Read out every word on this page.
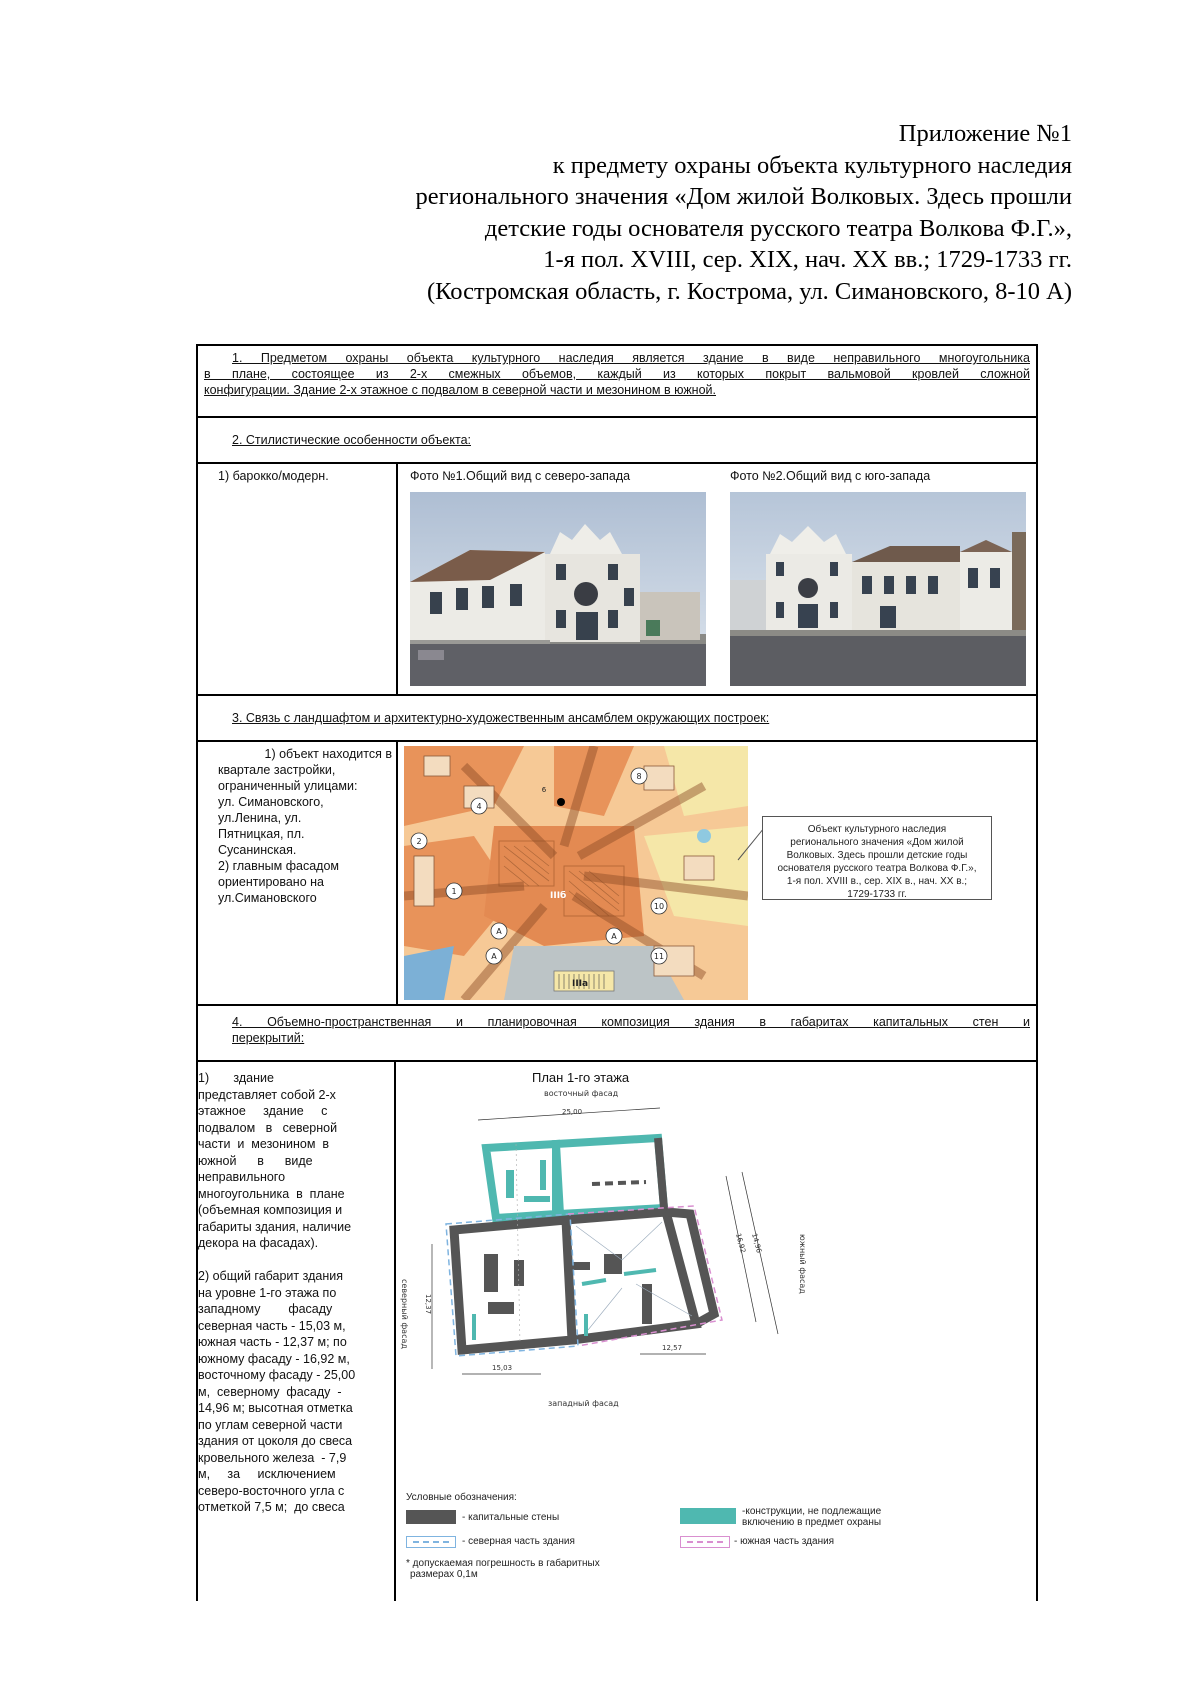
Приложение №1
к предмету охраны объекта культурного наследия
регионального значения «Дом жилой Волковых. Здесь прошли
детские годы основателя русского театра Волкова Ф.Г.»,
1-я пол. XVIII, сер. XIX, нач. XX вв.; 1729-1733 гг.
(Костромская область, г. Кострома, ул. Симановского, 8-10 А)
1. Предметом охраны объекта культурного наследия является здание в виде неправильного многоугольника
в плане, состоящее из 2-х смежных объемов, каждый из которых покрыт вальмовой кровлей сложной
конфигурации. Здание 2-х этажное с подвалом в северной части и мезонином в южной.
2. Стилистические особенности объекта:
1) барокко/модерн.	Фото №1.Общий вид с северо-запада	Фото №2.Общий вид с юго-запада
3. Связь с ландшафтом и архитектурно-художественным ансамблем окружающих построек:
1) объект находится в
квартале застройки,
ограниченный улицами:
ул. Симановского,
ул.Ленина, ул.
Пятницкая, пл.
Сусанинская.
2) главным фасадом
ориентировано на
ул.Симановского	1
2
4
8
10
11
A
A
A
IIIб
IIIa
6
Объект культурного наследия
регионального значения «Дом жилой
Волковых. Здесь прошли детские годы
основателя русского театра Волкова Ф.Г.»,
1-я пол. XVIII в., сер. XIX в., нач. XX в.;
1729-1733 гг.
4. Объемно-пространственная и планировочная композиция здания в габаритах капитальных стен и
перекрытий:
1)       здание
представляет собой 2-х
этажное     здание     с
подвалом   в   северной
части  и  мезонином  в
южной      в      виде
неправильного
многоугольника  в  плане
(объемная композиция и
габариты здания, наличие
декора на фасадах).
2) общий габарит здания
на уровне 1-го этажа по
западному        фасаду
северная часть - 15,03 м,
южная часть - 12,37 м; по
южному фасаду - 16,92 м,
восточному фасаду - 25,00
м,  северному  фасаду  -
14,96 м; высотная отметка
по углам северной части
здания от цоколя до свеса
кровельного железа  - 7,9
м,     за     исключением
северо-восточного угла с
отметкой 7,5 м;  до свеса
План 1-го этажа
восточный фасад
западный фасад
северный фасад
южный фасад
25,00
15,03
12,37
16,92 14,96
12,57
Условные обозначения:
- капитальные стены
-конструкции, не подлежащие
включению в предмет охраны
- северная часть здания	- южная часть здания
* допускаемая погрешность в габаритных
размерах 0,1м
